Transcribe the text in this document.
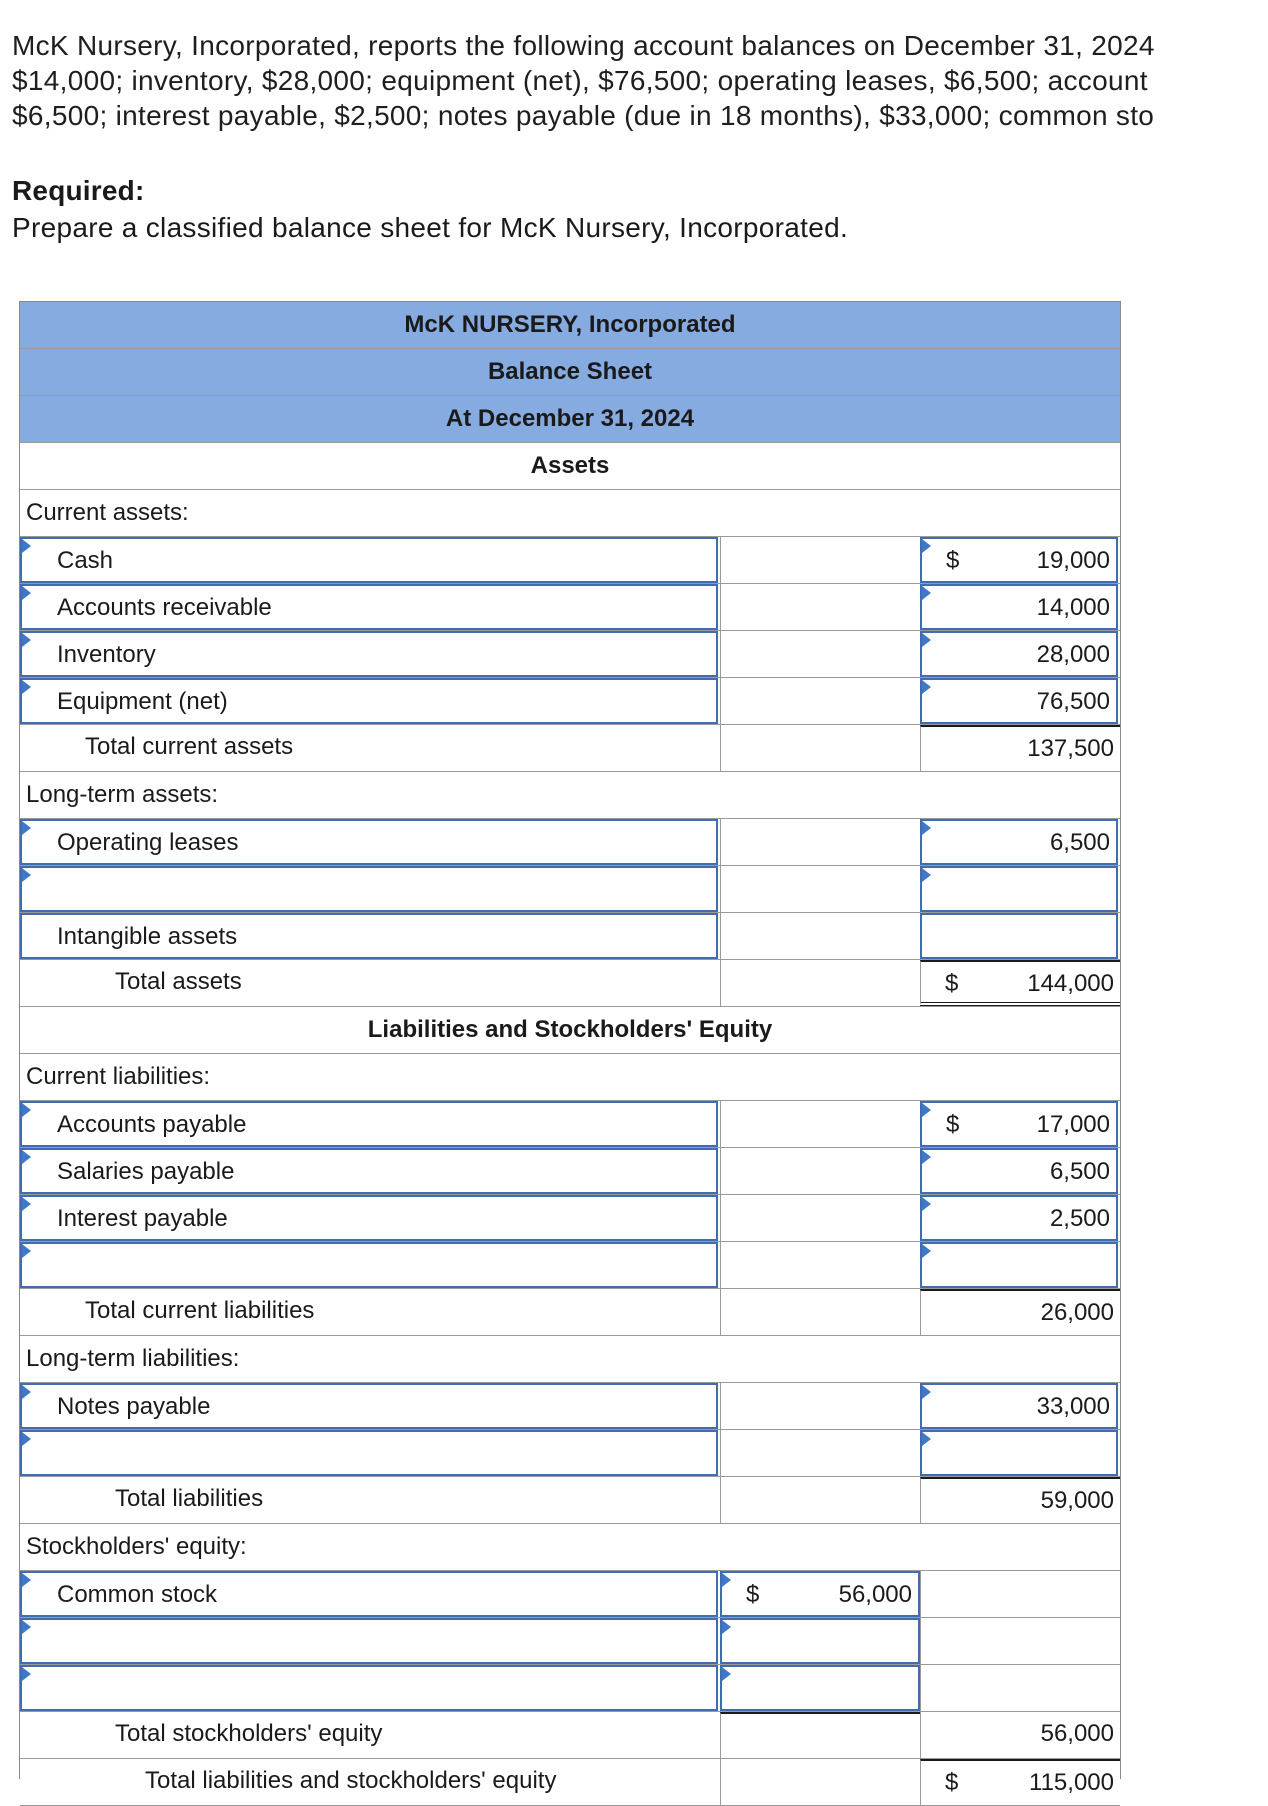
McK Nursery, Incorporated, reports the following account balances on December 31, 2024
$14,000; inventory, $28,000; equipment (net), $76,500; operating leases, $6,500; account
$6,500; interest payable, $2,500; notes payable (due in 18 months), $33,000; common sto
Required:
Prepare a classified balance sheet for McK Nursery, Incorporated.
McK NURSERY, Incorporated
Balance Sheet
At December 31, 2024
Assets
Current assets:
Cash	$	19,000
Accounts receivable	14,000
Inventory	28,000
Equipment (net)	76,500
Total current assets	137,500
Long-term assets:
Operating leases	6,500
Intangible assets
Total assets	$	144,000
Liabilities and Stockholders' Equity
Current liabilities:
Accounts payable	$	17,000
Salaries payable	6,500
Interest payable	2,500
Total current liabilities	26,000
Long-term liabilities:
Notes payable	33,000
Total liabilities	59,000
Stockholders' equity:
Common stock	$	56,000
Total stockholders' equity	56,000
Total liabilities and stockholders' equity	$	115,000
